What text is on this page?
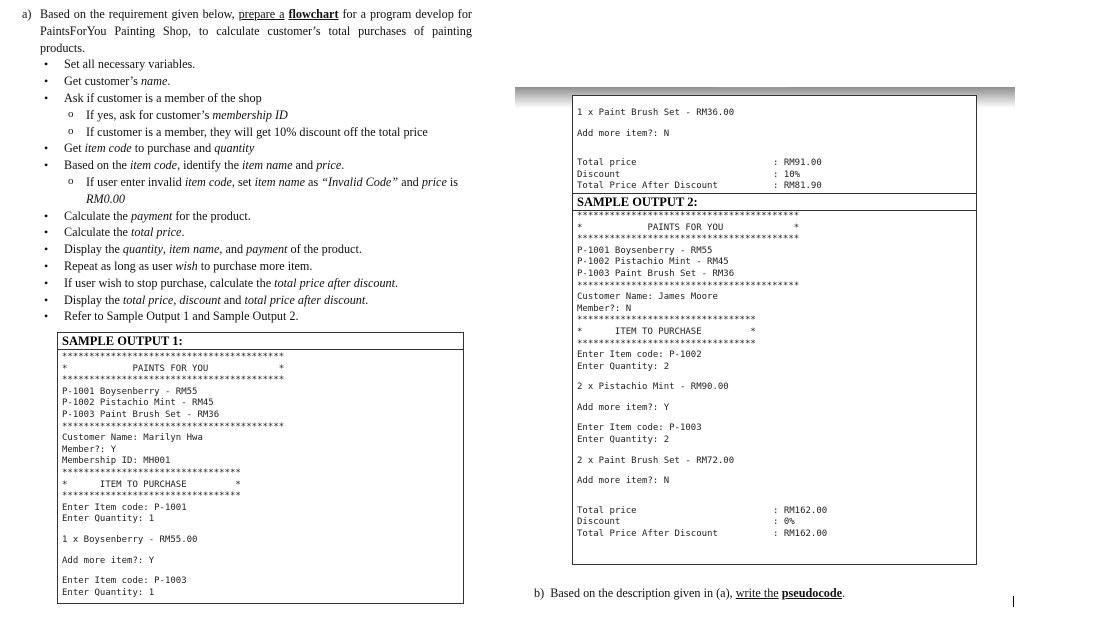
a) Based on the requirement given below, prepare a flowchart for a program develop for PaintsForYou Painting Shop, to calculate customer’s total purchases of painting products.
• Set all necessary variables.
• Get customer’s name.
• Ask if customer is a member of the shop
o If yes, ask for customer’s membership ID
o If customer is a member, they will get 10% discount off the total price
• Get item code to purchase and quantity
• Based on the item code, identify the item name and price.
o If user enter invalid item code, set item name as “Invalid Code” and price is RM0.00
• Calculate the payment for the product.
• Calculate the total price.
• Display the quantity, item name, and payment of the product.
• Repeat as long as user wish to purchase more item.
• If user wish to stop purchase, calculate the total price after discount.
• Display the total price, discount and total price after discount.
• Refer to Sample Output 1 and Sample Output 2.
SAMPLE OUTPUT 1:
*****************************************
*            PAINTS FOR YOU             *
*****************************************
P-1001 Boysenberry - RM55
P-1002 Pistachio Mint - RM45
P-1003 Paint Brush Set - RM36
*****************************************
Customer Name: Marilyn Hwa
Member?: Y
Membership ID: MH001
*********************************
*      ITEM TO PURCHASE         *
*********************************
Enter Item code: P-1001
Enter Quantity: 1
1 x Boysenberry - RM55.00
Add more item?: Y
Enter Item code: P-1003
Enter Quantity: 1
1 x Paint Brush Set - RM36.00
Add more item?: N
Total price	: RM91.00
Discount	: 10%
Total Price After Discount	: RM81.90
SAMPLE OUTPUT 2:
*****************************************
*            PAINTS FOR YOU             *
*****************************************
P-1001 Boysenberry - RM55
P-1002 Pistachio Mint - RM45
P-1003 Paint Brush Set - RM36
*****************************************
Customer Name: James Moore
Member?: N
*********************************
*      ITEM TO PURCHASE         *
*********************************
Enter Item code: P-1002
Enter Quantity: 2
2 x Pistachio Mint - RM90.00
Add more item?: Y
Enter Item code: P-1003
Enter Quantity: 2
2 x Paint Brush Set - RM72.00
Add more item?: N
Total price	: RM162.00
Discount	: 0%
Total Price After Discount	: RM162.00
b) Based on the description given in (a), write the pseudocode.
